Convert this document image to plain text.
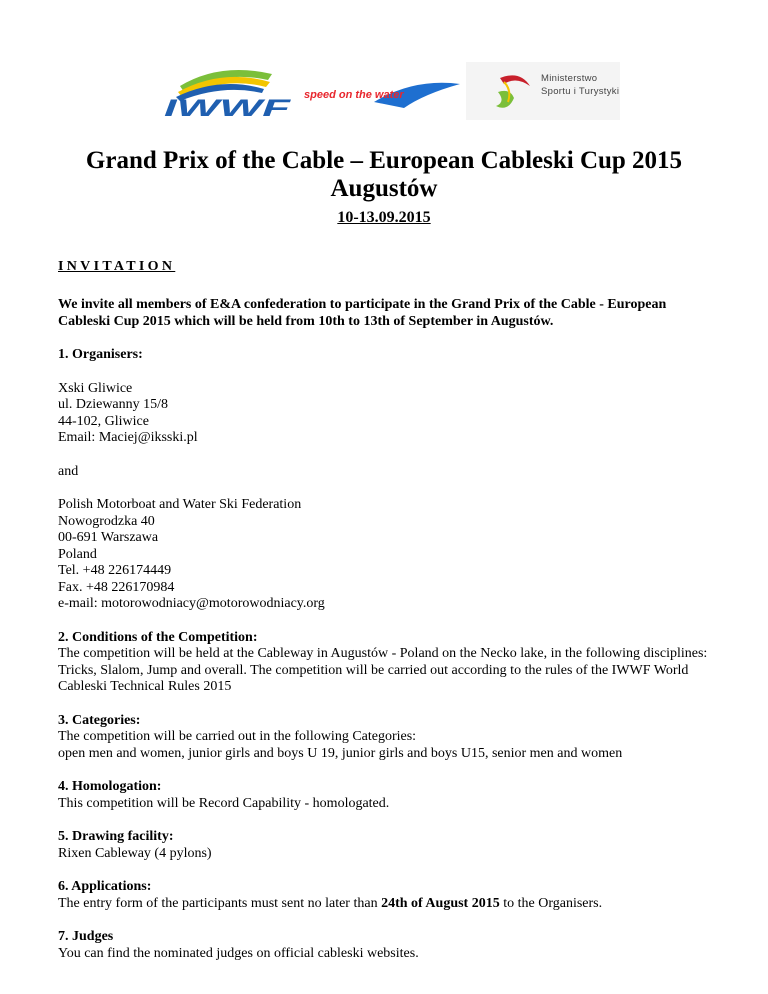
IWWF speed on the water
Ministerstwo
Sportu i Turystyki
Grand Prix of the Cable – European Cableski Cup 2015
Augustów
10-13.09.2015
INVITATION

We invite all members of E&A confederation to participate in the Grand Prix of the Cable - European Cableski Cup 2015 which will be held from 10th to 13th of September in Augustów.

1. Organisers:

Xski Gliwice

ul. Dziewanny 15/8

44-102, Gliwice

Email: Maciej@iksski.pl

and

Polish Motorboat and Water Ski Federation

Nowogrodzka 40

00-691 Warszawa

Poland

Tel. +48 226174449

Fax. +48 226170984

e-mail: motorowodniacy@motorowodniacy.org

2. Conditions of the Competition:

The competition will be held at the Cableway in Augustów - Poland on the Necko lake, in the following disciplines: Tricks, Slalom, Jump and overall. The competition will be carried out according to the rules of the IWWF World Cableski Technical Rules 2015

3. Categories:

The competition will be carried out in the following Categories:

open men and women, junior girls and boys U 19, junior girls and boys U15, senior men and women

4. Homologation:

This competition will be Record Capability - homologated.

5. Drawing facility:

Rixen Cableway (4 pylons)

6. Applications:

The entry form of the participants must sent no later than 24th of August 2015 to the Organisers.

7. Judges

You can find the nominated judges on official cableski websites.
